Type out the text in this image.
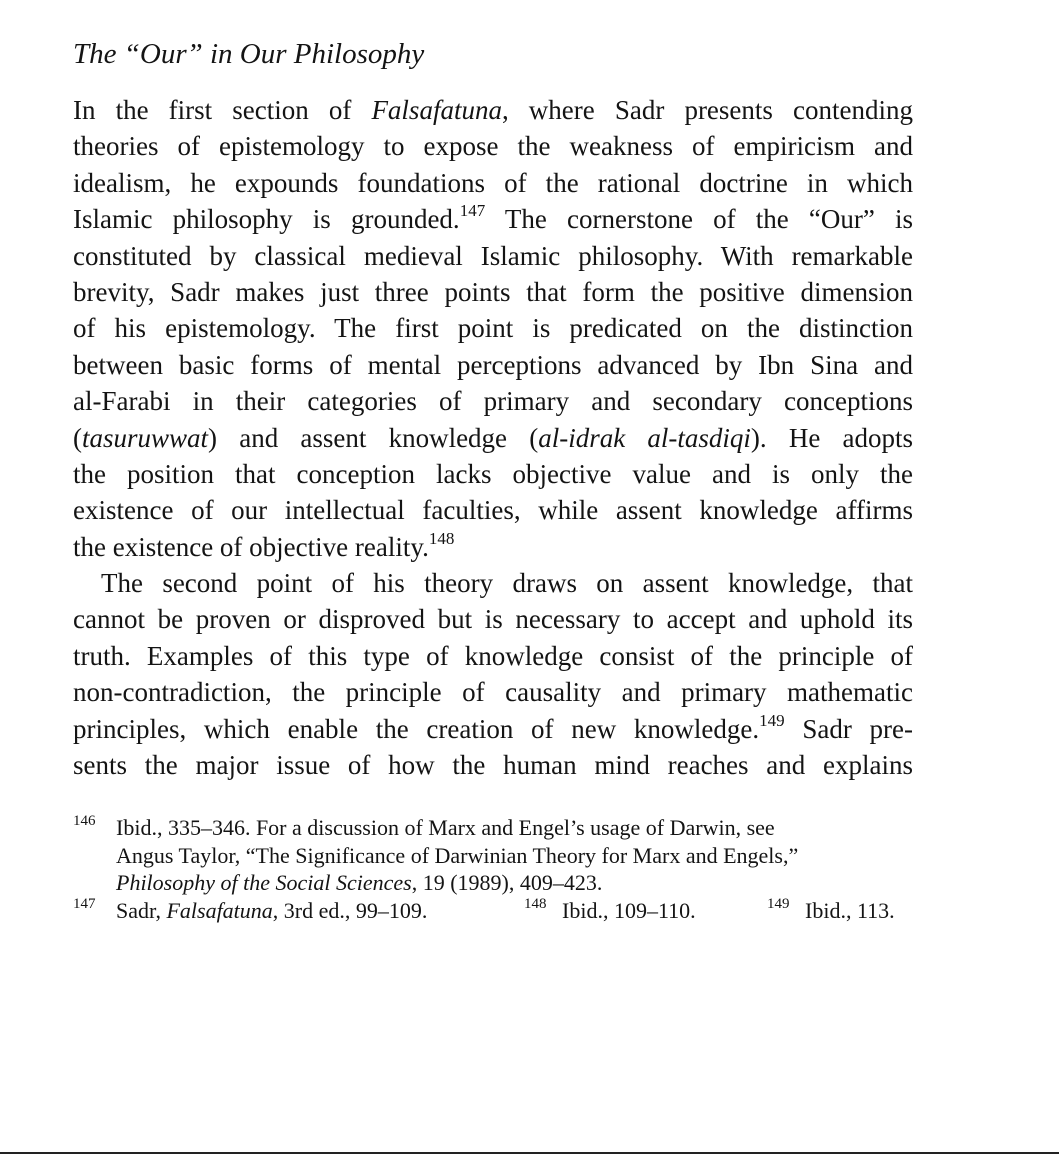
The “Our” in Our Philosophy
In the first section of Falsafatuna, where Sadr presents contending
theories of epistemology to expose the weakness of empiricism and
idealism, he expounds foundations of the rational doctrine in which
Islamic philosophy is grounded.$^{147}$ The cornerstone of the “Our” is
constituted by classical medieval Islamic philosophy. With remarkable
brevity, Sadr makes just three points that form the positive dimension
of his epistemology. The first point is predicated on the distinction
between basic forms of mental perceptions advanced by Ibn Sina and
al-Farabi in their categories of primary and secondary conceptions
(tasuruwwat) and assent knowledge (al-idrak al-tasdiqi). He adopts
the position that conception lacks objective value and is only the
existence of our intellectual faculties, while assent knowledge affirms
the existence of objective reality.$^{148}$
The second point of his theory draws on assent knowledge, that
cannot be proven or disproved but is necessary to accept and uphold its
truth. Examples of this type of knowledge consist of the principle of
non-contradiction, the principle of causality and primary mathematic
principles, which enable the creation of new knowledge.$^{149}$ Sadr pre-
sents the major issue of how the human mind reaches and explains
146 Ibid., 335–346. For a discussion of Marx and Engel’s usage of Darwin, see
Angus Taylor, “The Significance of Darwinian Theory for Marx and Engels,”
Philosophy of the Social Sciences, 19 (1989), 409–423.
147 Sadr, Falsafatuna, 3rd ed., 99–109.	148 Ibid., 109–110.	149 Ibid., 113.
